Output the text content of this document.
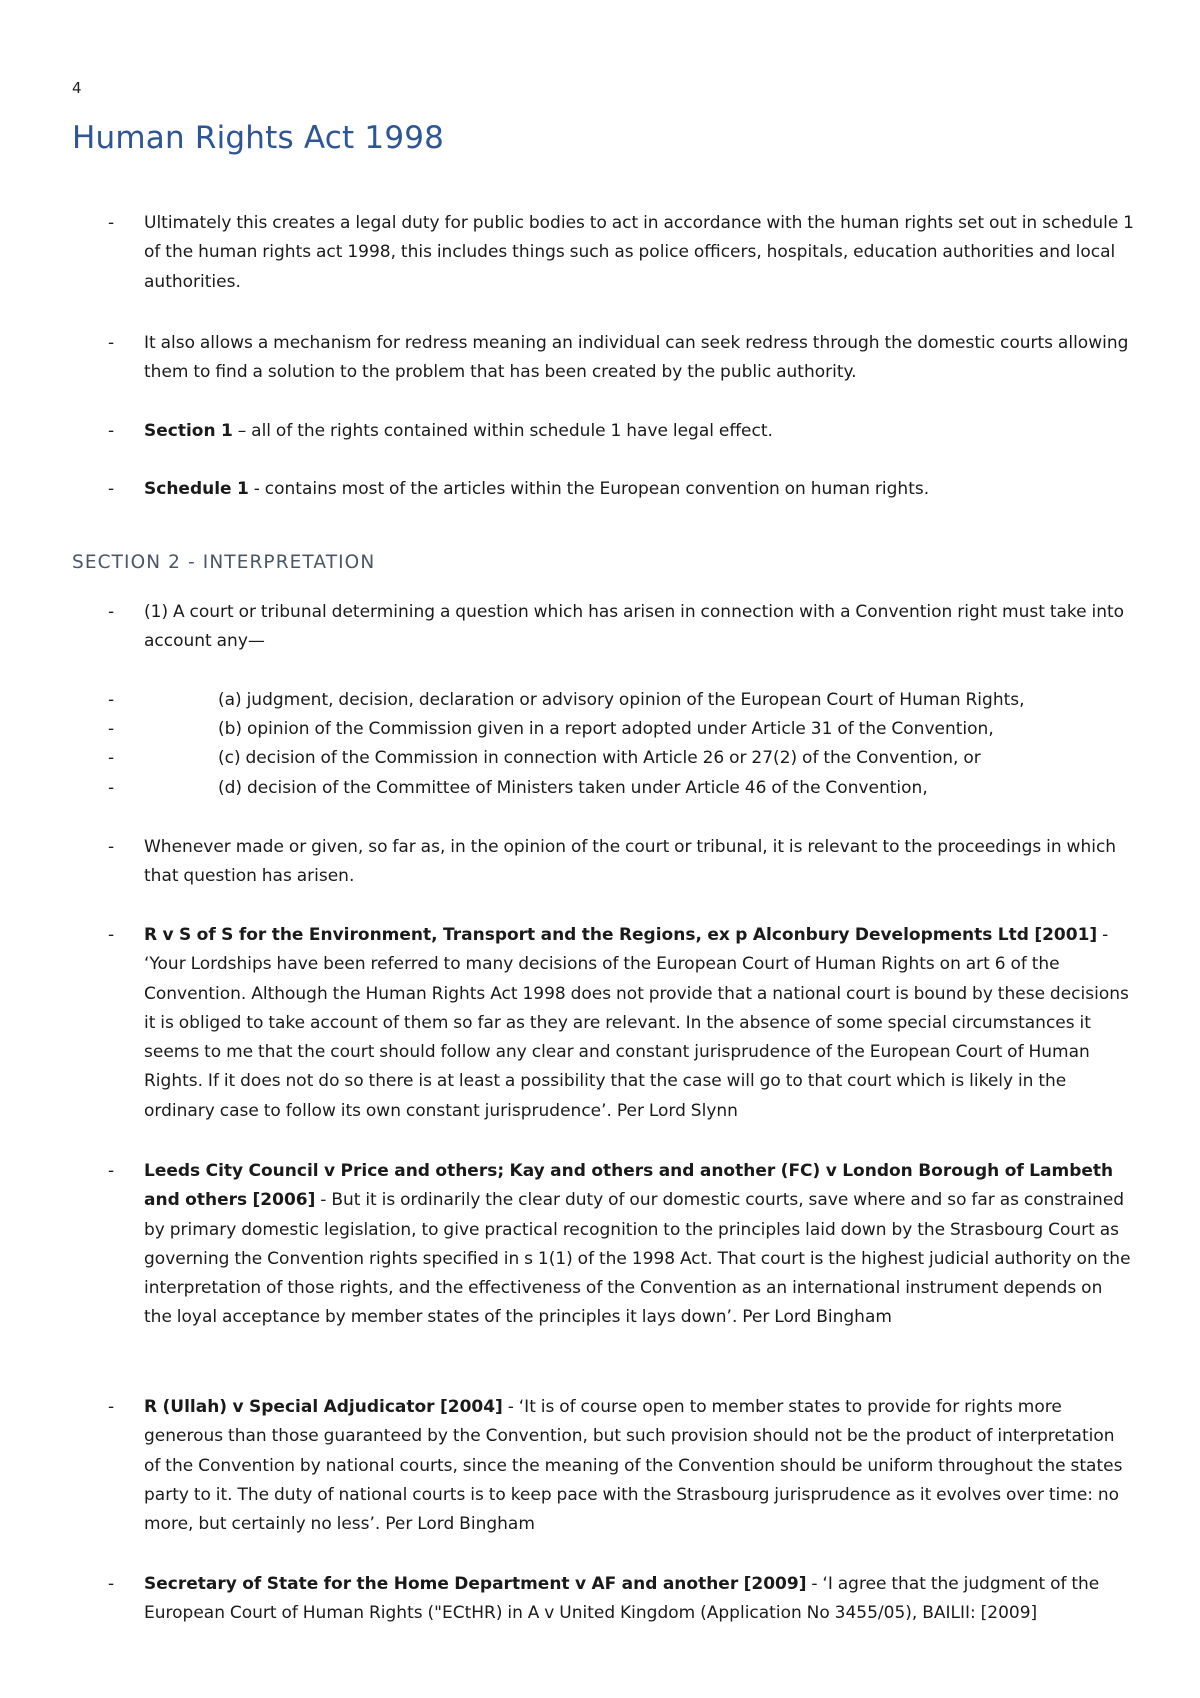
4
Human Rights Act 1998
-	Ultimately this creates a legal duty for public bodies to act in accordance with the human rights set out in schedule 1 of the human rights act 1998, this includes things such as police officers, hospitals, education authorities and local authorities.
-	It also allows a mechanism for redress meaning an individual can seek redress through the domestic courts allowing them to find a solution to the problem that has been created by the public authority.
-	Section 1 – all of the rights contained within schedule 1 have legal effect.
-	Schedule 1 - contains most of the articles within the European convention on human rights.
SECTION 2 - INTERPRETATION
-	(1) A court or tribunal determining a question which has arisen in connection with a Convention right must take into account any—
-	(a) judgment, decision, declaration or advisory opinion of the European Court of Human Rights,
-	(b) opinion of the Commission given in a report adopted under Article 31 of the Convention,
-	(c) decision of the Commission in connection with Article 26 or 27(2) of the Convention, or
-	(d) decision of the Committee of Ministers taken under Article 46 of the Convention,
-	Whenever made or given, so far as, in the opinion of the court or tribunal, it is relevant to the proceedings in which that question has arisen.
-	R v S of S for the Environment, Transport and the Regions, ex p Alconbury Developments Ltd [2001] - ‘Your Lordships have been referred to many decisions of the European Court of Human Rights on art 6 of the Convention. Although the Human Rights Act 1998 does not provide that a national court is bound by these decisions it is obliged to take account of them so far as they are relevant. In the absence of some special circumstances it seems to me that the court should follow any clear and constant jurisprudence of the European Court of Human Rights. If it does not do so there is at least a possibility that the case will go to that court which is likely in the ordinary case to follow its own constant jurisprudence’. Per Lord Slynn
-	Leeds City Council v Price and others; Kay and others and another (FC) v London Borough of Lambeth and others [2006] - But it is ordinarily the clear duty of our domestic courts, save where and so far as constrained by primary domestic legislation, to give practical recognition to the principles laid down by the Strasbourg Court as governing the Convention rights specified in s 1(1) of the 1998 Act. That court is the highest judicial authority on the interpretation of those rights, and the effectiveness of the Convention as an international instrument depends on the loyal acceptance by member states of the principles it lays down’. Per Lord Bingham
-	R (Ullah) v Special Adjudicator [2004] - ‘It is of course open to member states to provide for rights more generous than those guaranteed by the Convention, but such provision should not be the product of interpretation of the Convention by national courts, since the meaning of the Convention should be uniform throughout the states party to it. The duty of national courts is to keep pace with the Strasbourg jurisprudence as it evolves over time: no more, but certainly no less’. Per Lord Bingham
-	Secretary of State for the Home Department v AF and another [2009] - ‘I agree that the judgment of the European Court of Human Rights ("ECtHR) in A v United Kingdom (Application No 3455/05), BAILII: [2009]
